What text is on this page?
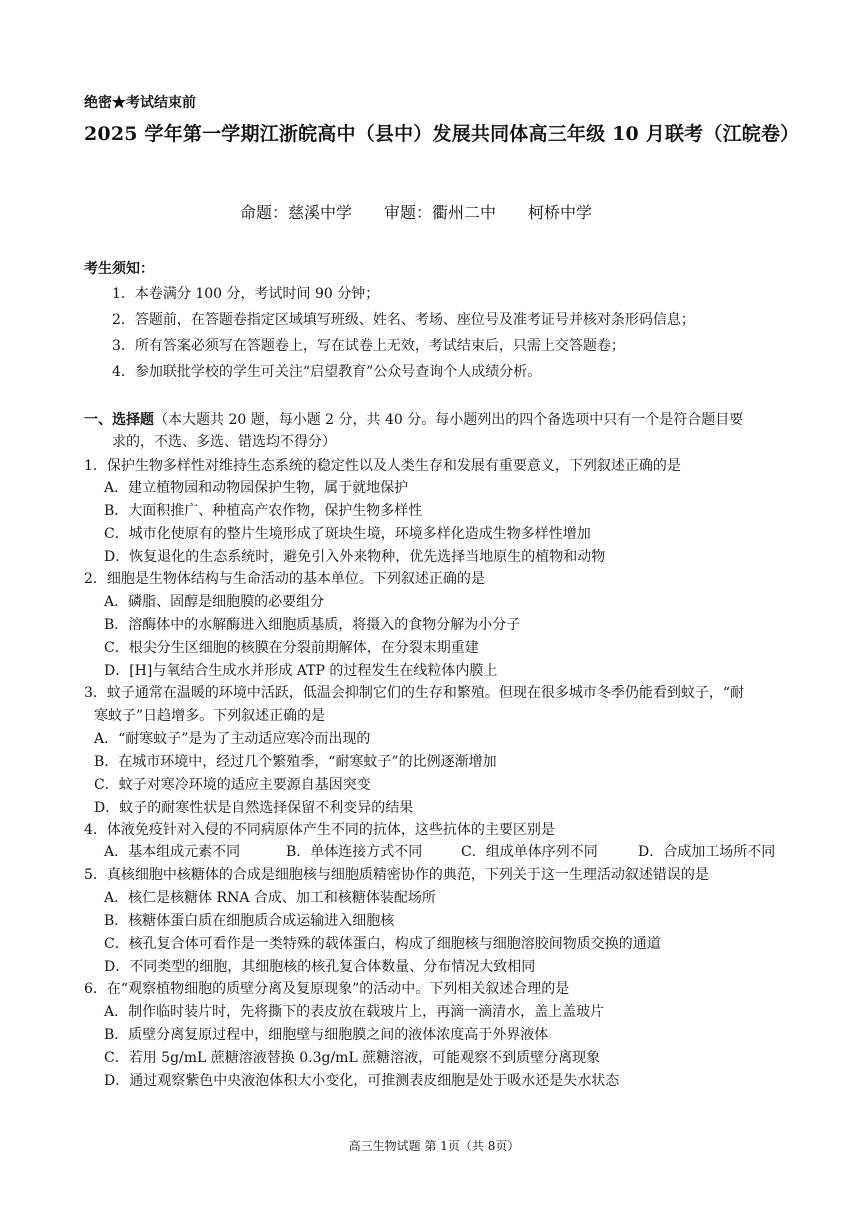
绝密★考试结束前
2025 学年第一学期江浙皖高中（县中）发展共同体高三年级 10 月联考（江皖卷）
命题：慈溪中学　　审题：衢州二中　　柯桥中学
考生须知：
1．本卷满分 100 分，考试时间 90 分钟；
2．答题前，在答题卷指定区域填写班级、姓名、考场、座位号及准考证号并核对条形码信息；
3．所有答案必须写在答题卷上，写在试卷上无效，考试结束后，只需上交答题卷；
4．参加联批学校的学生可关注“启望教育”公众号查询个人成绩分析。
一、选择题（本大题共 20 题，每小题 2 分，共 40 分。每小题列出的四个备选项中只有一个是符合题目要
求的，不选、多选、错选均不得分）
1．保护生物多样性对维持生态系统的稳定性以及人类生存和发展有重要意义，下列叙述正确的是
A．建立植物园和动物园保护生物，属于就地保护
B．大面积推广、种植高产农作物，保护生物多样性
C．城市化使原有的整片生境形成了斑块生境，环境多样化造成生物多样性增加
D．恢复退化的生态系统时，避免引入外来物种，优先选择当地原生的植物和动物
2．细胞是生物体结构与生命活动的基本单位。下列叙述正确的是
A．磷脂、固醇是细胞膜的必要组分
B．溶酶体中的水解酶进入细胞质基质，将摄入的食物分解为小分子
C．根尖分生区细胞的核膜在分裂前期解体，在分裂末期重建
D．[H]与氧结合生成水并形成 ATP 的过程发生在线粒体内膜上
3．蚊子通常在温暖的环境中活跃，低温会抑制它们的生存和繁殖。但现在很多城市冬季仍能看到蚊子，“耐
寒蚊子”日趋增多。下列叙述正确的是
A．“耐寒蚊子”是为了主动适应寒冷而出现的
B．在城市环境中，经过几个繁殖季，“耐寒蚊子”的比例逐渐增加
C．蚊子对寒冷环境的适应主要源自基因突变
D．蚊子的耐寒性状是自然选择保留不利变异的结果
4．体液免疫针对入侵的不同病原体产生不同的抗体，这些抗体的主要区别是
A．基本组成元素不同	B．单体连接方式不同	C．组成单体序列不同	D．合成加工场所不同
5．真核细胞中核糖体的合成是细胞核与细胞质精密协作的典范，下列关于这一生理活动叙述错误的是
A．核仁是核糖体 RNA 合成、加工和核糖体装配场所
B．核糖体蛋白质在细胞质合成运输进入细胞核
C．核孔复合体可看作是一类特殊的载体蛋白，构成了细胞核与细胞溶胶间物质交换的通道
D．不同类型的细胞，其细胞核的核孔复合体数量、分布情况大致相同
6．在“观察植物细胞的质壁分离及复原现象”的活动中。下列相关叙述合理的是
A．制作临时装片时，先将撕下的表皮放在载玻片上，再滴一滴清水，盖上盖玻片
B．质壁分离复原过程中，细胞壁与细胞膜之间的液体浓度高于外界液体
C．若用 5g/mL 蔗糖溶液替换 0.3g/mL 蔗糖溶液，可能观察不到质壁分离现象
D．通过观察紫色中央液泡体积大小变化，可推测表皮细胞是处于吸水还是失水状态
高三生物试题 第 1页（共 8页）
